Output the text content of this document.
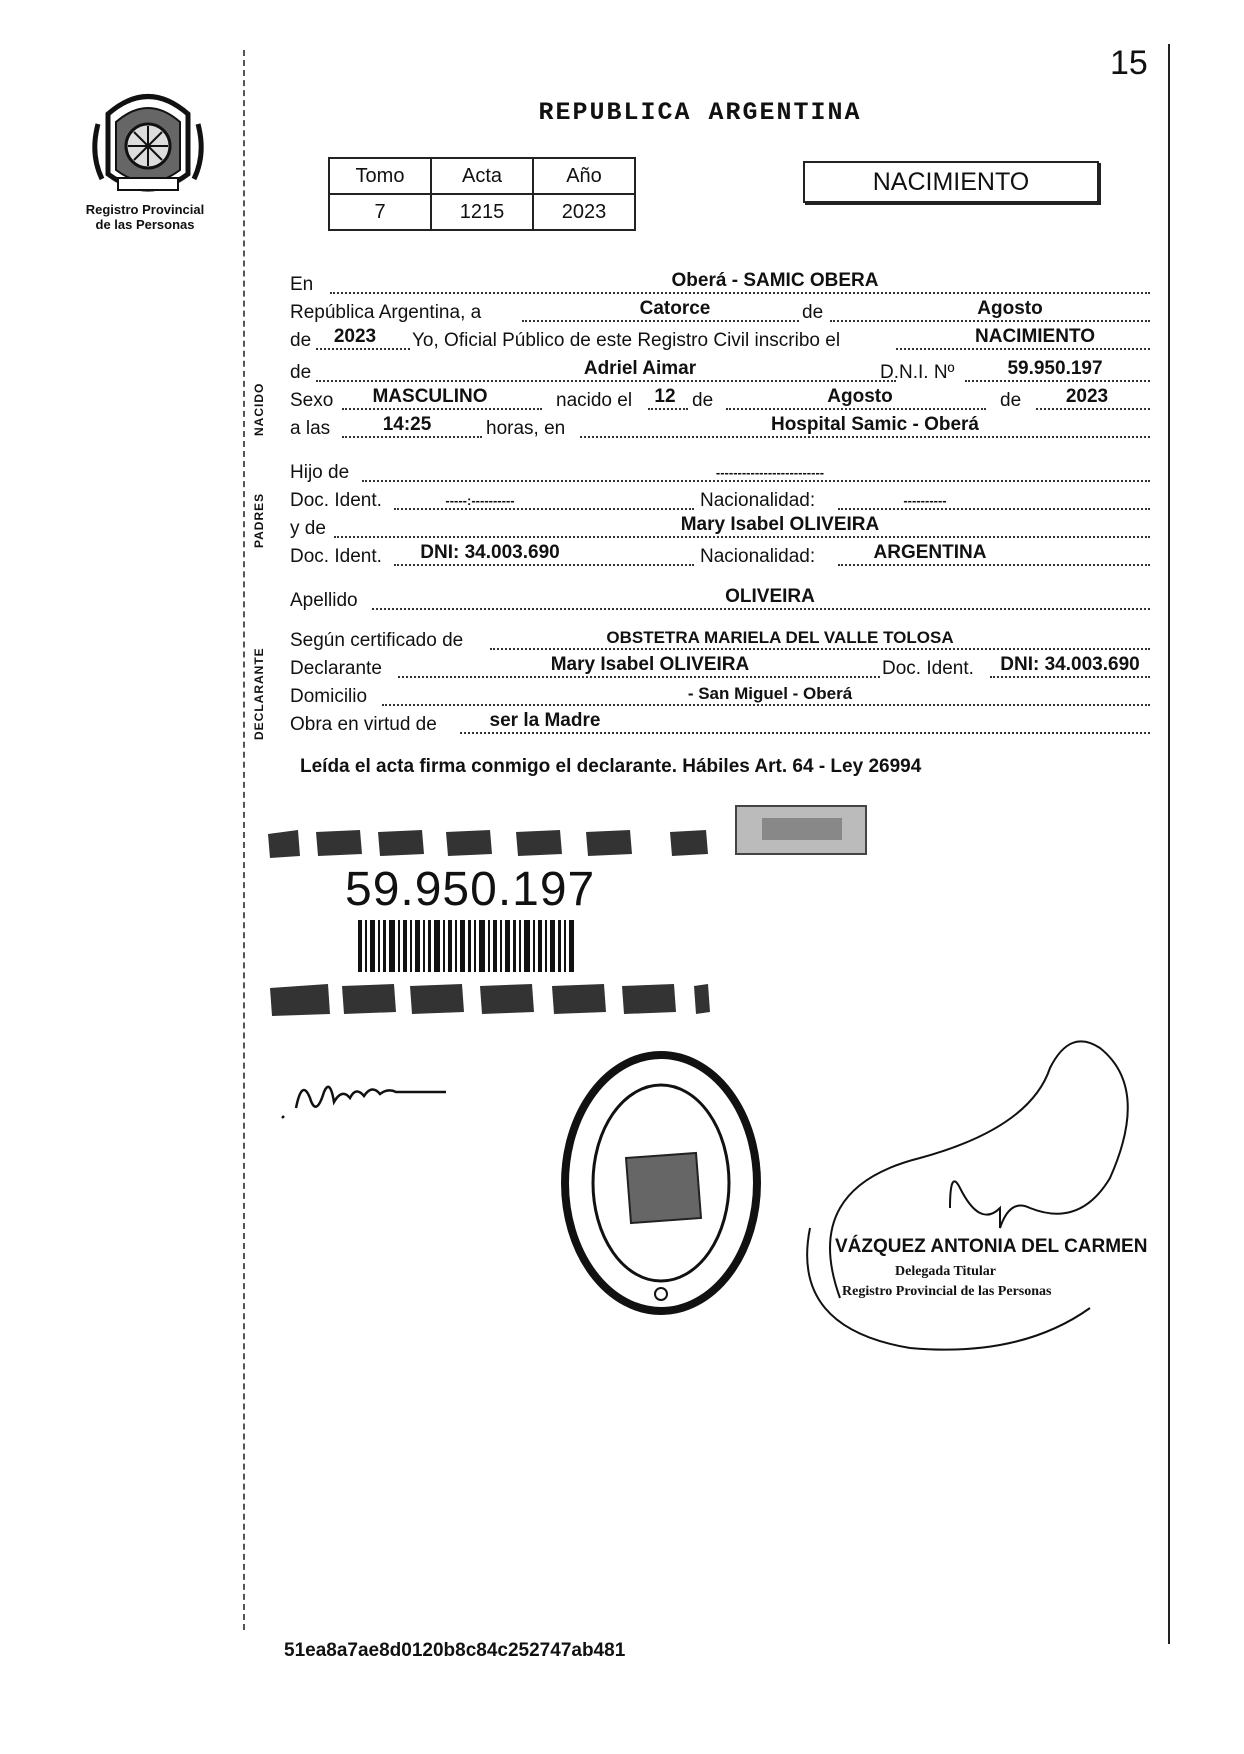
15
Registro Provincial
de las Personas
REPUBLICA ARGENTINA
Tomo	Acta	Año
7	1215	2023
NACIMIENTO
NACIDO
PADRES
DECLARANTE
En	Oberá - SAMIC OBERA
República Argentina, a	Catorce	de	Agosto
de	2023	Yo, Oficial Público de este Registro Civil inscribo el	NACIMIENTO
de	Adriel Aimar	D.N.I. Nº	59.950.197
Sexo	MASCULINO	nacido el 12 de	Agosto	de	2023
a las	14:25	horas, en	Hospital Samic - Oberá
Hijo de	-------------------------
Doc. Ident.	-----:----------	Nacionalidad:	----------
y de	Mary Isabel OLIVEIRA
Doc. Ident.	DNI: 34.003.690	Nacionalidad:	ARGENTINA
Apellido	OLIVEIRA
Según certificado de	OBSTETRA MARIELA DEL VALLE TOLOSA
Declarante	Mary Isabel OLIVEIRA	Doc. Ident.	DNI: 34.003.690
Domicilio	- San Miguel - Oberá
Obra en virtud de	ser la Madre
Leída el acta firma conmigo el declarante. Hábiles Art. 64 - Ley 26994
59.950.197
VÁZQUEZ ANTONIA DEL CARMEN
Delegada Titular
Registro Provincial de las Personas
51ea8a7ae8d0120b8c84c252747ab481
